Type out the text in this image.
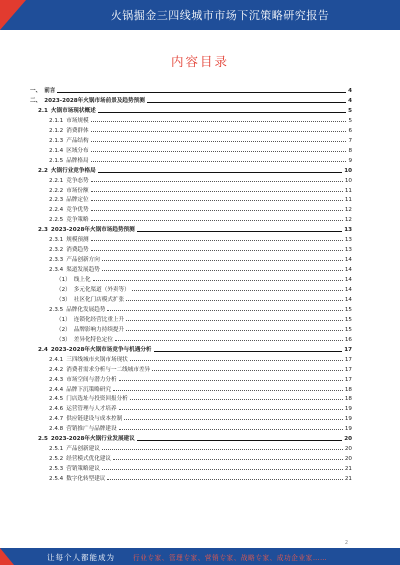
火锅掘金三四线城市市场下沉策略研究报告
内容目录
一、 前言	4
二、 2023-2028年火锅市场前景及趋势预测	4
2.1 火锅市场现状概述	5
2.1.1 市场规模	5
2.1.2 消费群体	6
2.1.3 产品结构	7
2.1.4 区域分布	8
2.1.5 品牌格局	9
2.2 火锅行业竞争格局	10
2.2.1 竞争态势	10
2.2.2 市场份额	11
2.2.3 品牌定位	11
2.2.4 竞争优势	12
2.2.5 竞争策略	12
2.3 2023-2028年火锅市场趋势预测	13
2.3.1 规模预测	13
2.3.2 消费趋势	13
2.3.3 产品创新方向	14
2.3.4 渠道发展趋势	14
（1） 线上化	14
（2） 多元化渠道（外卖等）	14
（3） 社区化门店模式扩张	14
2.3.5 品牌化发展趋势	15
（1） 连锁化经营比重上升	15
（2） 品牌影响力持续提升	15
（3） 差异化特色定位	16
2.4 2023-2028年火锅市场竞争与机遇分析	17
2.4.1 三四线城市火锅市场现状	17
2.4.2 消费者需求分析与一二线城市差异	17
2.4.3 市场空间与潜力分析	17
2.4.4 品牌下沉策略研究	18
2.4.5 门店选址与投资回报分析	18
2.4.6 运营管理与人才培养	19
2.4.7 供应链建设与成本控制	19
2.4.8 营销推广与品牌建设	19
2.5 2023-2028年火锅行业发展建议	20
2.5.1 产品创新建议	20
2.5.2 经营模式优化建议	20
2.5.3 营销策略建议	21
2.5.4 数字化转型建议	21
2
让每个人都能成为	行业专家、管理专家、营销专家、战略专家、成功企业家……
